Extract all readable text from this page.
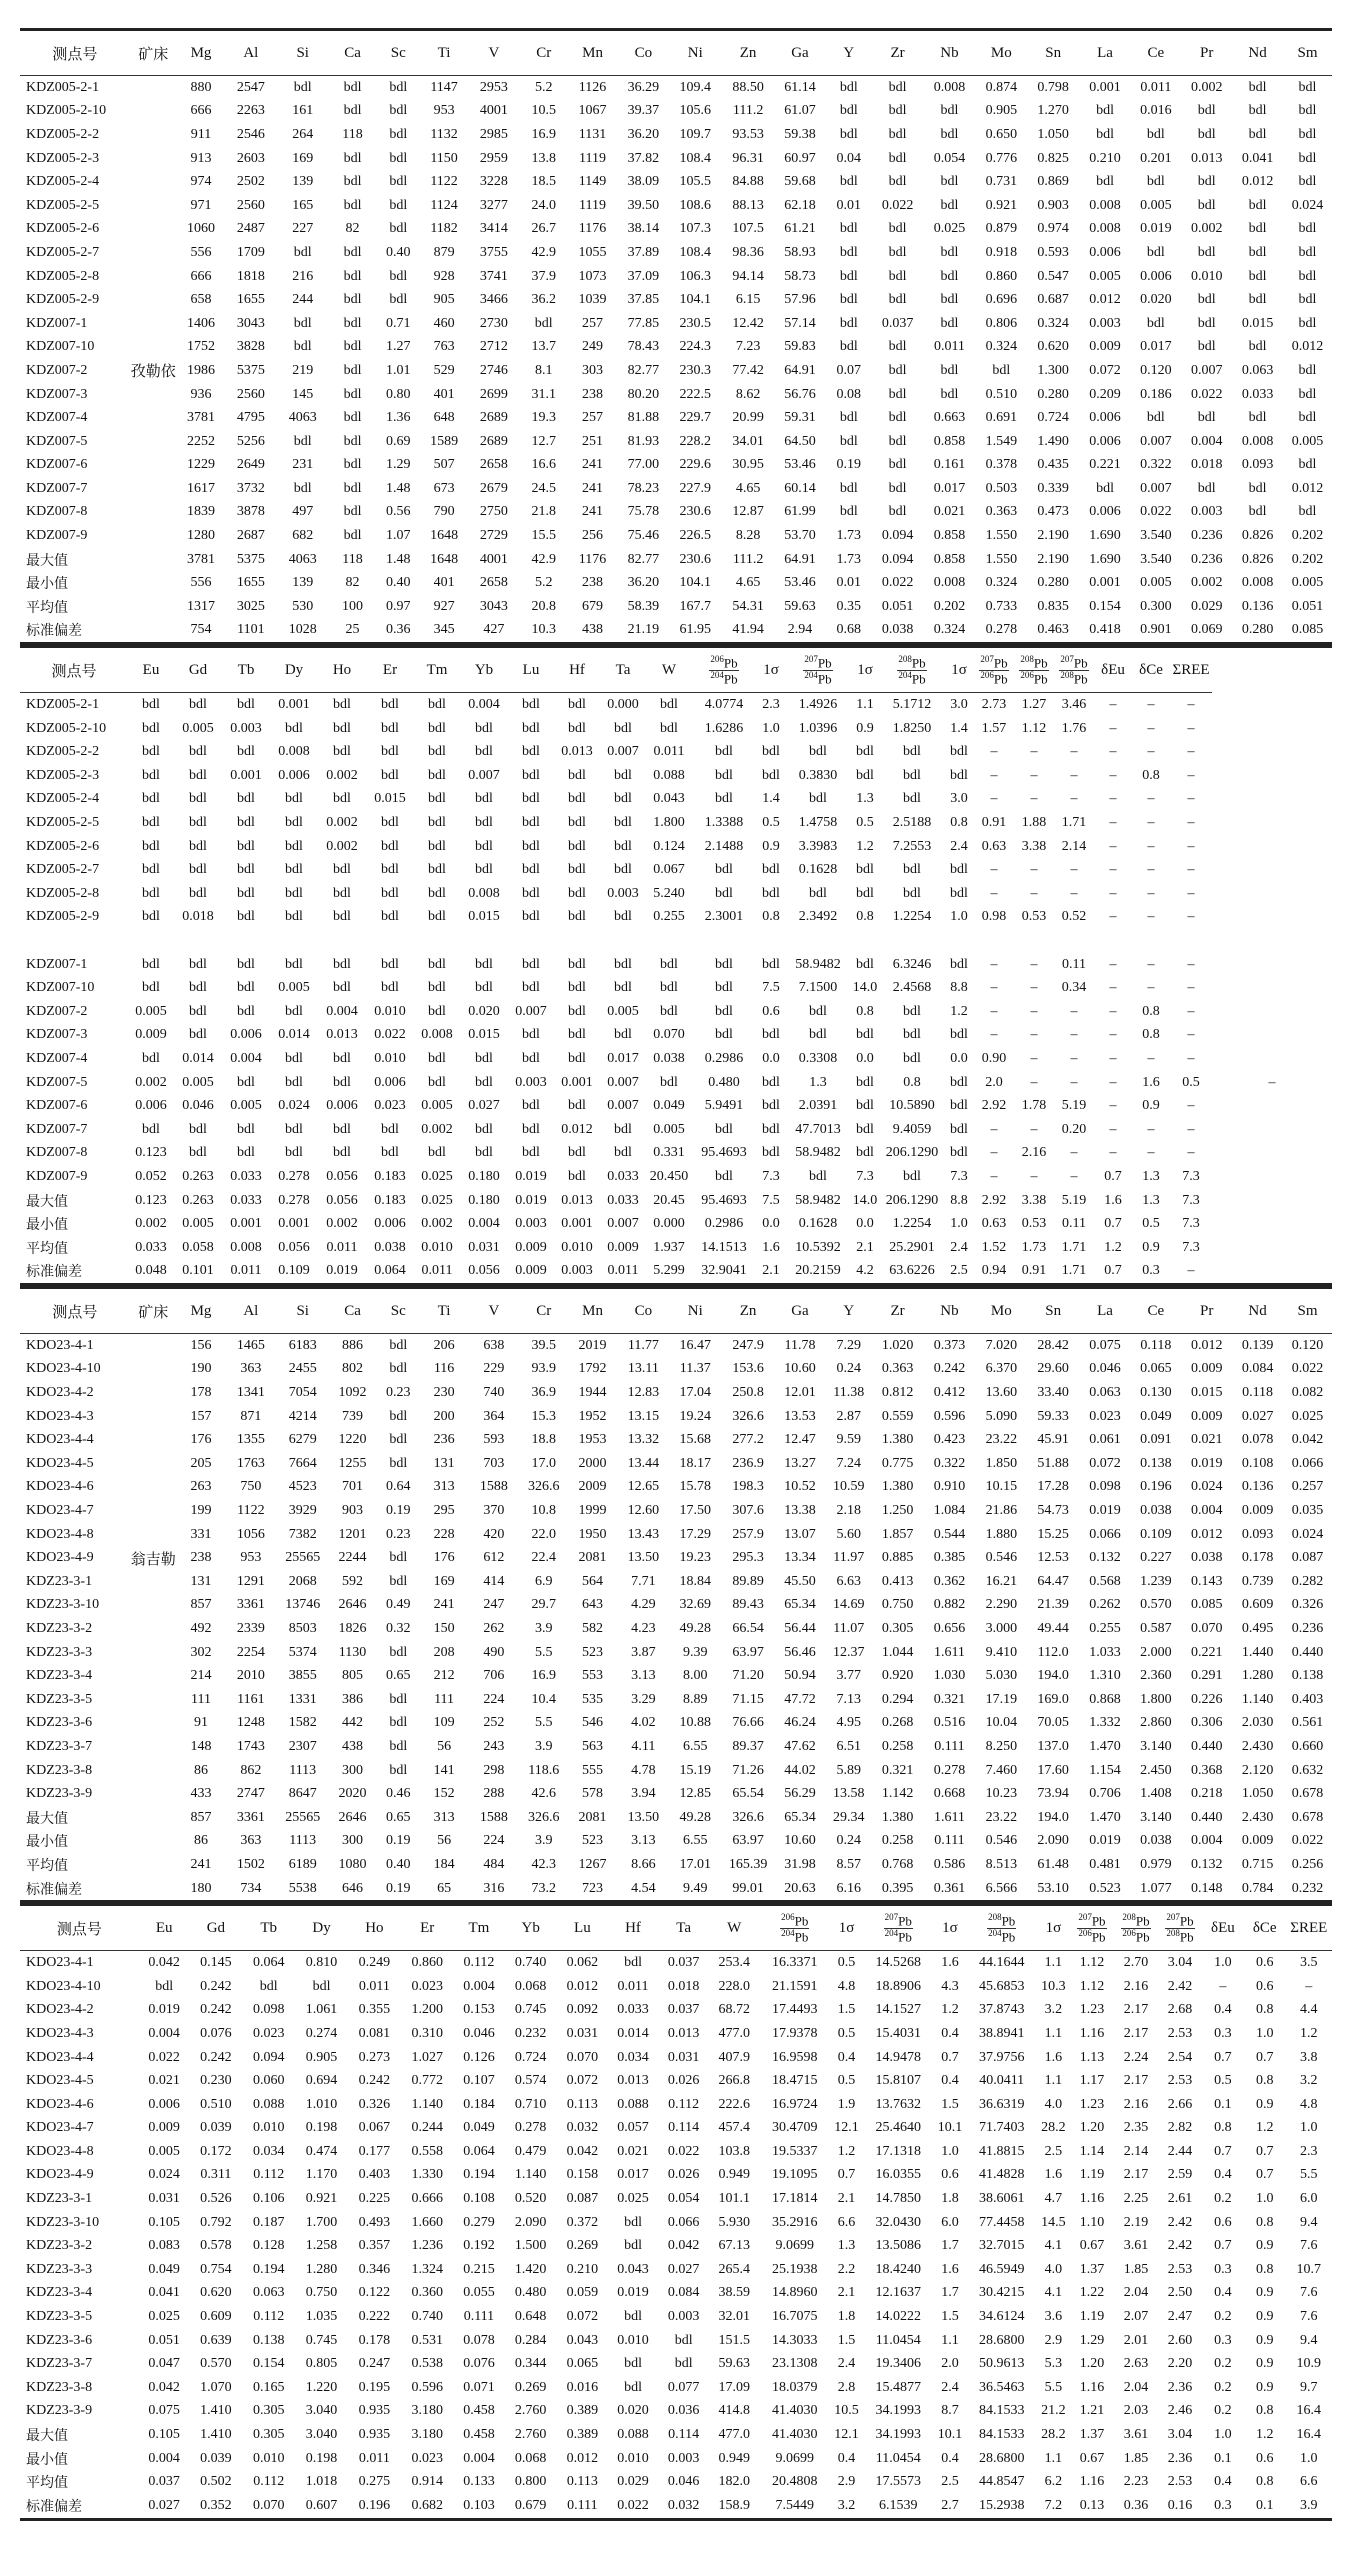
测点号	矿床	Mg	Al	Si	Ca	Sc	Ti	V	Cr	Mn	Co	Ni	Zn	Ga	Y	Zr	Nb	Mo	Sn	La	Ce	Pr	Nd	Sm
KDZ005-2-1		880	2547	bdl	bdl	bdl	1147	2953	5.2	1126	36.29	109.4	88.50	61.14	bdl	bdl	0.008	0.874	0.798	0.001	0.011	0.002	bdl	bdl
KDZ005-2-10		666	2263	161	bdl	bdl	953	4001	10.5	1067	39.37	105.6	111.2	61.07	bdl	bdl	bdl	0.905	1.270	bdl	0.016	bdl	bdl	bdl
KDZ005-2-2		911	2546	264	118	bdl	1132	2985	16.9	1131	36.20	109.7	93.53	59.38	bdl	bdl	bdl	0.650	1.050	bdl	bdl	bdl	bdl	bdl
KDZ005-2-3		913	2603	169	bdl	bdl	1150	2959	13.8	1119	37.82	108.4	96.31	60.97	0.04	bdl	0.054	0.776	0.825	0.210	0.201	0.013	0.041	bdl
KDZ005-2-4		974	2502	139	bdl	bdl	1122	3228	18.5	1149	38.09	105.5	84.88	59.68	bdl	bdl	bdl	0.731	0.869	bdl	bdl	bdl	0.012	bdl
KDZ005-2-5		971	2560	165	bdl	bdl	1124	3277	24.0	1119	39.50	108.6	88.13	62.18	0.01	0.022	bdl	0.921	0.903	0.008	0.005	bdl	bdl	0.024
KDZ005-2-6		1060	2487	227	82	bdl	1182	3414	26.7	1176	38.14	107.3	107.5	61.21	bdl	bdl	0.025	0.879	0.974	0.008	0.019	0.002	bdl	bdl
KDZ005-2-7		556	1709	bdl	bdl	0.40	879	3755	42.9	1055	37.89	108.4	98.36	58.93	bdl	bdl	bdl	0.918	0.593	0.006	bdl	bdl	bdl	bdl
KDZ005-2-8		666	1818	216	bdl	bdl	928	3741	37.9	1073	37.09	106.3	94.14	58.73	bdl	bdl	bdl	0.860	0.547	0.005	0.006	0.010	bdl	bdl
KDZ005-2-9		658	1655	244	bdl	bdl	905	3466	36.2	1039	37.85	104.1	6.15	57.96	bdl	bdl	bdl	0.696	0.687	0.012	0.020	bdl	bdl	bdl
KDZ007-1		1406	3043	bdl	bdl	0.71	460	2730	bdl	257	77.85	230.5	12.42	57.14	bdl	0.037	bdl	0.806	0.324	0.003	bdl	bdl	0.015	bdl
KDZ007-10		1752	3828	bdl	bdl	1.27	763	2712	13.7	249	78.43	224.3	7.23	59.83	bdl	bdl	0.011	0.324	0.620	0.009	0.017	bdl	bdl	0.012
KDZ007-2	孜勒依	1986	5375	219	bdl	1.01	529	2746	8.1	303	82.77	230.3	77.42	64.91	0.07	bdl	bdl	bdl	1.300	0.072	0.120	0.007	0.063	bdl
KDZ007-3		936	2560	145	bdl	0.80	401	2699	31.1	238	80.20	222.5	8.62	56.76	0.08	bdl	bdl	0.510	0.280	0.209	0.186	0.022	0.033	bdl
KDZ007-4		3781	4795	4063	bdl	1.36	648	2689	19.3	257	81.88	229.7	20.99	59.31	bdl	bdl	0.663	0.691	0.724	0.006	bdl	bdl	bdl	bdl
KDZ007-5		2252	5256	bdl	bdl	0.69	1589	2689	12.7	251	81.93	228.2	34.01	64.50	bdl	bdl	0.858	1.549	1.490	0.006	0.007	0.004	0.008	0.005
KDZ007-6		1229	2649	231	bdl	1.29	507	2658	16.6	241	77.00	229.6	30.95	53.46	0.19	bdl	0.161	0.378	0.435	0.221	0.322	0.018	0.093	bdl
KDZ007-7		1617	3732	bdl	bdl	1.48	673	2679	24.5	241	78.23	227.9	4.65	60.14	bdl	bdl	0.017	0.503	0.339	bdl	0.007	bdl	bdl	0.012
KDZ007-8		1839	3878	497	bdl	0.56	790	2750	21.8	241	75.78	230.6	12.87	61.99	bdl	bdl	0.021	0.363	0.473	0.006	0.022	0.003	bdl	bdl
KDZ007-9		1280	2687	682	bdl	1.07	1648	2729	15.5	256	75.46	226.5	8.28	53.70	1.73	0.094	0.858	1.550	2.190	1.690	3.540	0.236	0.826	0.202
最大值		3781	5375	4063	118	1.48	1648	4001	42.9	1176	82.77	230.6	111.2	64.91	1.73	0.094	0.858	1.550	2.190	1.690	3.540	0.236	0.826	0.202
最小值		556	1655	139	82	0.40	401	2658	5.2	238	36.20	104.1	4.65	53.46	0.01	0.022	0.008	0.324	0.280	0.001	0.005	0.002	0.008	0.005
平均值		1317	3025	530	100	0.97	927	3043	20.8	679	58.39	167.7	54.31	59.63	0.35	0.051	0.202	0.733	0.835	0.154	0.300	0.029	0.136	0.051
标准偏差		754	1101	1028	25	0.36	345	427	10.3	438	21.19	61.95	41.94	2.94	0.68	0.038	0.324	0.278	0.463	0.418	0.901	0.069	0.280	0.085
测点号	Eu	Gd	Tb	Dy	Ho	Er	Tm	Yb	Lu	Hf	Ta	W	$\frac{^{206}Pb}{^{204}Pb}$	1σ	$\frac{^{207}Pb}{^{204}Pb}$	1σ	$\frac{^{208}Pb}{^{204}Pb}$	1σ	$\frac{^{207}Pb}{^{206}Pb}$	$\frac{^{208}Pb}{^{206}Pb}$	$\frac{^{207}Pb}{^{208}Pb}$	δEu	δCe	ΣREE	
KDZ005-2-1	bdl	bdl	bdl	0.001	bdl	bdl	bdl	0.004	bdl	bdl	0.000	bdl	4.0774	2.3	1.4926	1.1	5.1712	3.0	2.73	1.27	3.46	–	–	–	
KDZ005-2-10	bdl	0.005	0.003	bdl	bdl	bdl	bdl	bdl	bdl	bdl	bdl	bdl	1.6286	1.0	1.0396	0.9	1.8250	1.4	1.57	1.12	1.76	–	–	–	
KDZ005-2-2	bdl	bdl	bdl	0.008	bdl	bdl	bdl	bdl	bdl	0.013	0.007	0.011	bdl	bdl	bdl	bdl	bdl	bdl	–	–	–	–	–	–	
KDZ005-2-3	bdl	bdl	0.001	0.006	0.002	bdl	bdl	0.007	bdl	bdl	bdl	0.088	bdl	bdl	0.3830	bdl	bdl	bdl	–	–	–	–	0.8	–	
KDZ005-2-4	bdl	bdl	bdl	bdl	bdl	0.015	bdl	bdl	bdl	bdl	bdl	0.043	bdl	1.4	bdl	1.3	bdl	3.0	–	–	–	–	–	–	
KDZ005-2-5	bdl	bdl	bdl	bdl	0.002	bdl	bdl	bdl	bdl	bdl	bdl	1.800	1.3388	0.5	1.4758	0.5	2.5188	0.8	0.91	1.88	1.71	–	–	–	
KDZ005-2-6	bdl	bdl	bdl	bdl	0.002	bdl	bdl	bdl	bdl	bdl	bdl	0.124	2.1488	0.9	3.3983	1.2	7.2553	2.4	0.63	3.38	2.14	–	–	–	
KDZ005-2-7	bdl	bdl	bdl	bdl	bdl	bdl	bdl	bdl	bdl	bdl	bdl	0.067	bdl	bdl	0.1628	bdl	bdl	bdl	–	–	–	–	–	–	
KDZ005-2-8	bdl	bdl	bdl	bdl	bdl	bdl	bdl	0.008	bdl	bdl	0.003	5.240	bdl	bdl	bdl	bdl	bdl	bdl	–	–	–	–	–	–	
KDZ005-2-9	bdl	0.018	bdl	bdl	bdl	bdl	bdl	0.015	bdl	bdl	bdl	0.255	2.3001	0.8	2.3492	0.8	1.2254	1.0	0.98	0.53	0.52	–	–	–	

KDZ007-1	bdl	bdl	bdl	bdl	bdl	bdl	bdl	bdl	bdl	bdl	bdl	bdl	bdl	bdl	58.9482	bdl	6.3246	bdl	–	–	0.11	–	–	–	
KDZ007-10	bdl	bdl	bdl	0.005	bdl	bdl	bdl	bdl	bdl	bdl	bdl	bdl	bdl	7.5	7.1500	14.0	2.4568	8.8	–	–	0.34	–	–	–	
KDZ007-2	0.005	bdl	bdl	bdl	0.004	0.010	bdl	0.020	0.007	bdl	0.005	bdl	bdl	0.6	bdl	0.8	bdl	1.2	–	–	–	–	0.8	–	
KDZ007-3	0.009	bdl	0.006	0.014	0.013	0.022	0.008	0.015	bdl	bdl	bdl	0.070	bdl	bdl	bdl	bdl	bdl	bdl	–	–	–	–	0.8	–	
KDZ007-4	bdl	0.014	0.004	bdl	bdl	0.010	bdl	bdl	bdl	bdl	0.017	0.038	0.2986	0.0	0.3308	0.0	bdl	0.0	0.90	–	–	–	–	–	
KDZ007-5	0.002	0.005	bdl	bdl	bdl	0.006	bdl	bdl	0.003	0.001	0.007	bdl	0.480	bdl	1.3	bdl	0.8	bdl	2.0	–	–	–	1.6	0.5	–
KDZ007-6	0.006	0.046	0.005	0.024	0.006	0.023	0.005	0.027	bdl	bdl	0.007	0.049	5.9491	bdl	2.0391	bdl	10.5890	bdl	2.92	1.78	5.19	–	0.9	–	
KDZ007-7	bdl	bdl	bdl	bdl	bdl	bdl	0.002	bdl	bdl	0.012	bdl	0.005	bdl	bdl	47.7013	bdl	9.4059	bdl	–	–	0.20	–	–	–	
KDZ007-8	0.123	bdl	bdl	bdl	bdl	bdl	bdl	bdl	bdl	bdl	bdl	0.331	95.4693	bdl	58.9482	bdl	206.1290	bdl	–	2.16	–	–	–	–	
KDZ007-9	0.052	0.263	0.033	0.278	0.056	0.183	0.025	0.180	0.019	bdl	0.033	20.450	bdl	7.3	bdl	7.3	bdl	7.3	–	–	–	0.7	1.3	7.3	
最大值	0.123	0.263	0.033	0.278	0.056	0.183	0.025	0.180	0.019	0.013	0.033	20.45	95.4693	7.5	58.9482	14.0	206.1290	8.8	2.92	3.38	5.19	1.6	1.3	7.3	
最小值	0.002	0.005	0.001	0.001	0.002	0.006	0.002	0.004	0.003	0.001	0.007	0.000	0.2986	0.0	0.1628	0.0	1.2254	1.0	0.63	0.53	0.11	0.7	0.5	7.3	
平均值	0.033	0.058	0.008	0.056	0.011	0.038	0.010	0.031	0.009	0.010	0.009	1.937	14.1513	1.6	10.5392	2.1	25.2901	2.4	1.52	1.73	1.71	1.2	0.9	7.3	
标准偏差	0.048	0.101	0.011	0.109	0.019	0.064	0.011	0.056	0.009	0.003	0.011	5.299	32.9041	2.1	20.2159	4.2	63.6226	2.5	0.94	0.91	1.71	0.7	0.3	–	
测点号	矿床	Mg	Al	Si	Ca	Sc	Ti	V	Cr	Mn	Co	Ni	Zn	Ga	Y	Zr	Nb	Mo	Sn	La	Ce	Pr	Nd	Sm
KDO23-4-1		156	1465	6183	886	bdl	206	638	39.5	2019	11.77	16.47	247.9	11.78	7.29	1.020	0.373	7.020	28.42	0.075	0.118	0.012	0.139	0.120
KDO23-4-10		190	363	2455	802	bdl	116	229	93.9	1792	13.11	11.37	153.6	10.60	0.24	0.363	0.242	6.370	29.60	0.046	0.065	0.009	0.084	0.022
KDO23-4-2		178	1341	7054	1092	0.23	230	740	36.9	1944	12.83	17.04	250.8	12.01	11.38	0.812	0.412	13.60	33.40	0.063	0.130	0.015	0.118	0.082
KDO23-4-3		157	871	4214	739	bdl	200	364	15.3	1952	13.15	19.24	326.6	13.53	2.87	0.559	0.596	5.090	59.33	0.023	0.049	0.009	0.027	0.025
KDO23-4-4		176	1355	6279	1220	bdl	236	593	18.8	1953	13.32	15.68	277.2	12.47	9.59	1.380	0.423	23.22	45.91	0.061	0.091	0.021	0.078	0.042
KDO23-4-5		205	1763	7664	1255	bdl	131	703	17.0	2000	13.44	18.17	236.9	13.27	7.24	0.775	0.322	1.850	51.88	0.072	0.138	0.019	0.108	0.066
KDO23-4-6		263	750	4523	701	0.64	313	1588	326.6	2009	12.65	15.78	198.3	10.52	10.59	1.380	0.910	10.15	17.28	0.098	0.196	0.024	0.136	0.257
KDO23-4-7		199	1122	3929	903	0.19	295	370	10.8	1999	12.60	17.50	307.6	13.38	2.18	1.250	1.084	21.86	54.73	0.019	0.038	0.004	0.009	0.035
KDO23-4-8		331	1056	7382	1201	0.23	228	420	22.0	1950	13.43	17.29	257.9	13.07	5.60	1.857	0.544	1.880	15.25	0.066	0.109	0.012	0.093	0.024
KDO23-4-9	翁吉勒	238	953	25565	2244	bdl	176	612	22.4	2081	13.50	19.23	295.3	13.34	11.97	0.885	0.385	0.546	12.53	0.132	0.227	0.038	0.178	0.087
KDZ23-3-1		131	1291	2068	592	bdl	169	414	6.9	564	7.71	18.84	89.89	45.50	6.63	0.413	0.362	16.21	64.47	0.568	1.239	0.143	0.739	0.282
KDZ23-3-10		857	3361	13746	2646	0.49	241	247	29.7	643	4.29	32.69	89.43	65.34	14.69	0.750	0.882	2.290	21.39	0.262	0.570	0.085	0.609	0.326
KDZ23-3-2		492	2339	8503	1826	0.32	150	262	3.9	582	4.23	49.28	66.54	56.44	11.07	0.305	0.656	3.000	49.44	0.255	0.587	0.070	0.495	0.236
KDZ23-3-3		302	2254	5374	1130	bdl	208	490	5.5	523	3.87	9.39	63.97	56.46	12.37	1.044	1.611	9.410	112.0	1.033	2.000	0.221	1.440	0.440
KDZ23-3-4		214	2010	3855	805	0.65	212	706	16.9	553	3.13	8.00	71.20	50.94	3.77	0.920	1.030	5.030	194.0	1.310	2.360	0.291	1.280	0.138
KDZ23-3-5		111	1161	1331	386	bdl	111	224	10.4	535	3.29	8.89	71.15	47.72	7.13	0.294	0.321	17.19	169.0	0.868	1.800	0.226	1.140	0.403
KDZ23-3-6		91	1248	1582	442	bdl	109	252	5.5	546	4.02	10.88	76.66	46.24	4.95	0.268	0.516	10.04	70.05	1.332	2.860	0.306	2.030	0.561
KDZ23-3-7		148	1743	2307	438	bdl	56	243	3.9	563	4.11	6.55	89.37	47.62	6.51	0.258	0.111	8.250	137.0	1.470	3.140	0.440	2.430	0.660
KDZ23-3-8		86	862	1113	300	bdl	141	298	118.6	555	4.78	15.19	71.26	44.02	5.89	0.321	0.278	7.460	17.60	1.154	2.450	0.368	2.120	0.632
KDZ23-3-9		433	2747	8647	2020	0.46	152	288	42.6	578	3.94	12.85	65.54	56.29	13.58	1.142	0.668	10.23	73.94	0.706	1.408	0.218	1.050	0.678
最大值		857	3361	25565	2646	0.65	313	1588	326.6	2081	13.50	49.28	326.6	65.34	29.34	1.380	1.611	23.22	194.0	1.470	3.140	0.440	2.430	0.678
最小值		86	363	1113	300	0.19	56	224	3.9	523	3.13	6.55	63.97	10.60	0.24	0.258	0.111	0.546	2.090	0.019	0.038	0.004	0.009	0.022
平均值		241	1502	6189	1080	0.40	184	484	42.3	1267	8.66	17.01	165.39	31.98	8.57	0.768	0.586	8.513	61.48	0.481	0.979	0.132	0.715	0.256
标准偏差		180	734	5538	646	0.19	65	316	73.2	723	4.54	9.49	99.01	20.63	6.16	0.395	0.361	6.566	53.10	0.523	1.077	0.148	0.784	0.232
测点号	Eu	Gd	Tb	Dy	Ho	Er	Tm	Yb	Lu	Hf	Ta	W	$\frac{^{206}Pb}{^{204}Pb}$	1σ	$\frac{^{207}Pb}{^{204}Pb}$	1σ	$\frac{^{208}Pb}{^{204}Pb}$	1σ	$\frac{^{207}Pb}{^{206}Pb}$	$\frac{^{208}Pb}{^{206}Pb}$	$\frac{^{207}Pb}{^{208}Pb}$	δEu	δCe	ΣREE
KDO23-4-1	0.042	0.145	0.064	0.810	0.249	0.860	0.112	0.740	0.062	bdl	0.037	253.4	16.3371	0.5	14.5268	1.6	44.1644	1.1	1.12	2.70	3.04	1.0	0.6	3.5
KDO23-4-10	bdl	0.242	bdl	bdl	0.011	0.023	0.004	0.068	0.012	0.011	0.018	228.0	21.1591	4.8	18.8906	4.3	45.6853	10.3	1.12	2.16	2.42	–	0.6	–
KDO23-4-2	0.019	0.242	0.098	1.061	0.355	1.200	0.153	0.745	0.092	0.033	0.037	68.72	17.4493	1.5	14.1527	1.2	37.8743	3.2	1.23	2.17	2.68	0.4	0.8	4.4
KDO23-4-3	0.004	0.076	0.023	0.274	0.081	0.310	0.046	0.232	0.031	0.014	0.013	477.0	17.9378	0.5	15.4031	0.4	38.8941	1.1	1.16	2.17	2.53	0.3	1.0	1.2
KDO23-4-4	0.022	0.242	0.094	0.905	0.273	1.027	0.126	0.724	0.070	0.034	0.031	407.9	16.9598	0.4	14.9478	0.7	37.9756	1.6	1.13	2.24	2.54	0.7	0.7	3.8
KDO23-4-5	0.021	0.230	0.060	0.694	0.242	0.772	0.107	0.574	0.072	0.013	0.026	266.8	18.4715	0.5	15.8107	0.4	40.0411	1.1	1.17	2.17	2.53	0.5	0.8	3.2
KDO23-4-6	0.006	0.510	0.088	1.010	0.326	1.140	0.184	0.710	0.113	0.088	0.112	222.6	16.9724	1.9	13.7632	1.5	36.6319	4.0	1.23	2.16	2.66	0.1	0.9	4.8
KDO23-4-7	0.009	0.039	0.010	0.198	0.067	0.244	0.049	0.278	0.032	0.057	0.114	457.4	30.4709	12.1	25.4640	10.1	71.7403	28.2	1.20	2.35	2.82	0.8	1.2	1.0
KDO23-4-8	0.005	0.172	0.034	0.474	0.177	0.558	0.064	0.479	0.042	0.021	0.022	103.8	19.5337	1.2	17.1318	1.0	41.8815	2.5	1.14	2.14	2.44	0.7	0.7	2.3
KDO23-4-9	0.024	0.311	0.112	1.170	0.403	1.330	0.194	1.140	0.158	0.017	0.026	0.949	19.1095	0.7	16.0355	0.6	41.4828	1.6	1.19	2.17	2.59	0.4	0.7	5.5
KDZ23-3-1	0.031	0.526	0.106	0.921	0.225	0.666	0.108	0.520	0.087	0.025	0.054	101.1	17.1814	2.1	14.7850	1.8	38.6061	4.7	1.16	2.25	2.61	0.2	1.0	6.0
KDZ23-3-10	0.105	0.792	0.187	1.700	0.493	1.660	0.279	2.090	0.372	bdl	0.066	5.930	35.2916	6.6	32.0430	6.0	77.4458	14.5	1.10	2.19	2.42	0.6	0.8	9.4
KDZ23-3-2	0.083	0.578	0.128	1.258	0.357	1.236	0.192	1.500	0.269	bdl	0.042	67.13	9.0699	1.3	13.5086	1.7	32.7015	4.1	0.67	3.61	2.42	0.7	0.9	7.6
KDZ23-3-3	0.049	0.754	0.194	1.280	0.346	1.324	0.215	1.420	0.210	0.043	0.027	265.4	25.1938	2.2	18.4240	1.6	46.5949	4.0	1.37	1.85	2.53	0.3	0.8	10.7
KDZ23-3-4	0.041	0.620	0.063	0.750	0.122	0.360	0.055	0.480	0.059	0.019	0.084	38.59	14.8960	2.1	12.1637	1.7	30.4215	4.1	1.22	2.04	2.50	0.4	0.9	7.6
KDZ23-3-5	0.025	0.609	0.112	1.035	0.222	0.740	0.111	0.648	0.072	bdl	0.003	32.01	16.7075	1.8	14.0222	1.5	34.6124	3.6	1.19	2.07	2.47	0.2	0.9	7.6
KDZ23-3-6	0.051	0.639	0.138	0.745	0.178	0.531	0.078	0.284	0.043	0.010	bdl	151.5	14.3033	1.5	11.0454	1.1	28.6800	2.9	1.29	2.01	2.60	0.3	0.9	9.4
KDZ23-3-7	0.047	0.570	0.154	0.805	0.247	0.538	0.076	0.344	0.065	bdl	bdl	59.63	23.1308	2.4	19.3406	2.0	50.9613	5.3	1.20	2.63	2.20	0.2	0.9	10.9
KDZ23-3-8	0.042	1.070	0.165	1.220	0.195	0.596	0.071	0.269	0.016	bdl	0.077	17.09	18.0379	2.8	15.4877	2.4	36.5463	5.5	1.16	2.04	2.36	0.2	0.9	9.7
KDZ23-3-9	0.075	1.410	0.305	3.040	0.935	3.180	0.458	2.760	0.389	0.020	0.036	414.8	41.4030	10.5	34.1993	8.7	84.1533	21.2	1.21	2.03	2.46	0.2	0.8	16.4
最大值	0.105	1.410	0.305	3.040	0.935	3.180	0.458	2.760	0.389	0.088	0.114	477.0	41.4030	12.1	34.1993	10.1	84.1533	28.2	1.37	3.61	3.04	1.0	1.2	16.4
最小值	0.004	0.039	0.010	0.198	0.011	0.023	0.004	0.068	0.012	0.010	0.003	0.949	9.0699	0.4	11.0454	0.4	28.6800	1.1	0.67	1.85	2.36	0.1	0.6	1.0
平均值	0.037	0.502	0.112	1.018	0.275	0.914	0.133	0.800	0.113	0.029	0.046	182.0	20.4808	2.9	17.5573	2.5	44.8547	6.2	1.16	2.23	2.53	0.4	0.8	6.6
标准偏差	0.027	0.352	0.070	0.607	0.196	0.682	0.103	0.679	0.111	0.022	0.032	158.9	7.5449	3.2	6.1539	2.7	15.2938	7.2	0.13	0.36	0.16	0.3	0.1	3.9
